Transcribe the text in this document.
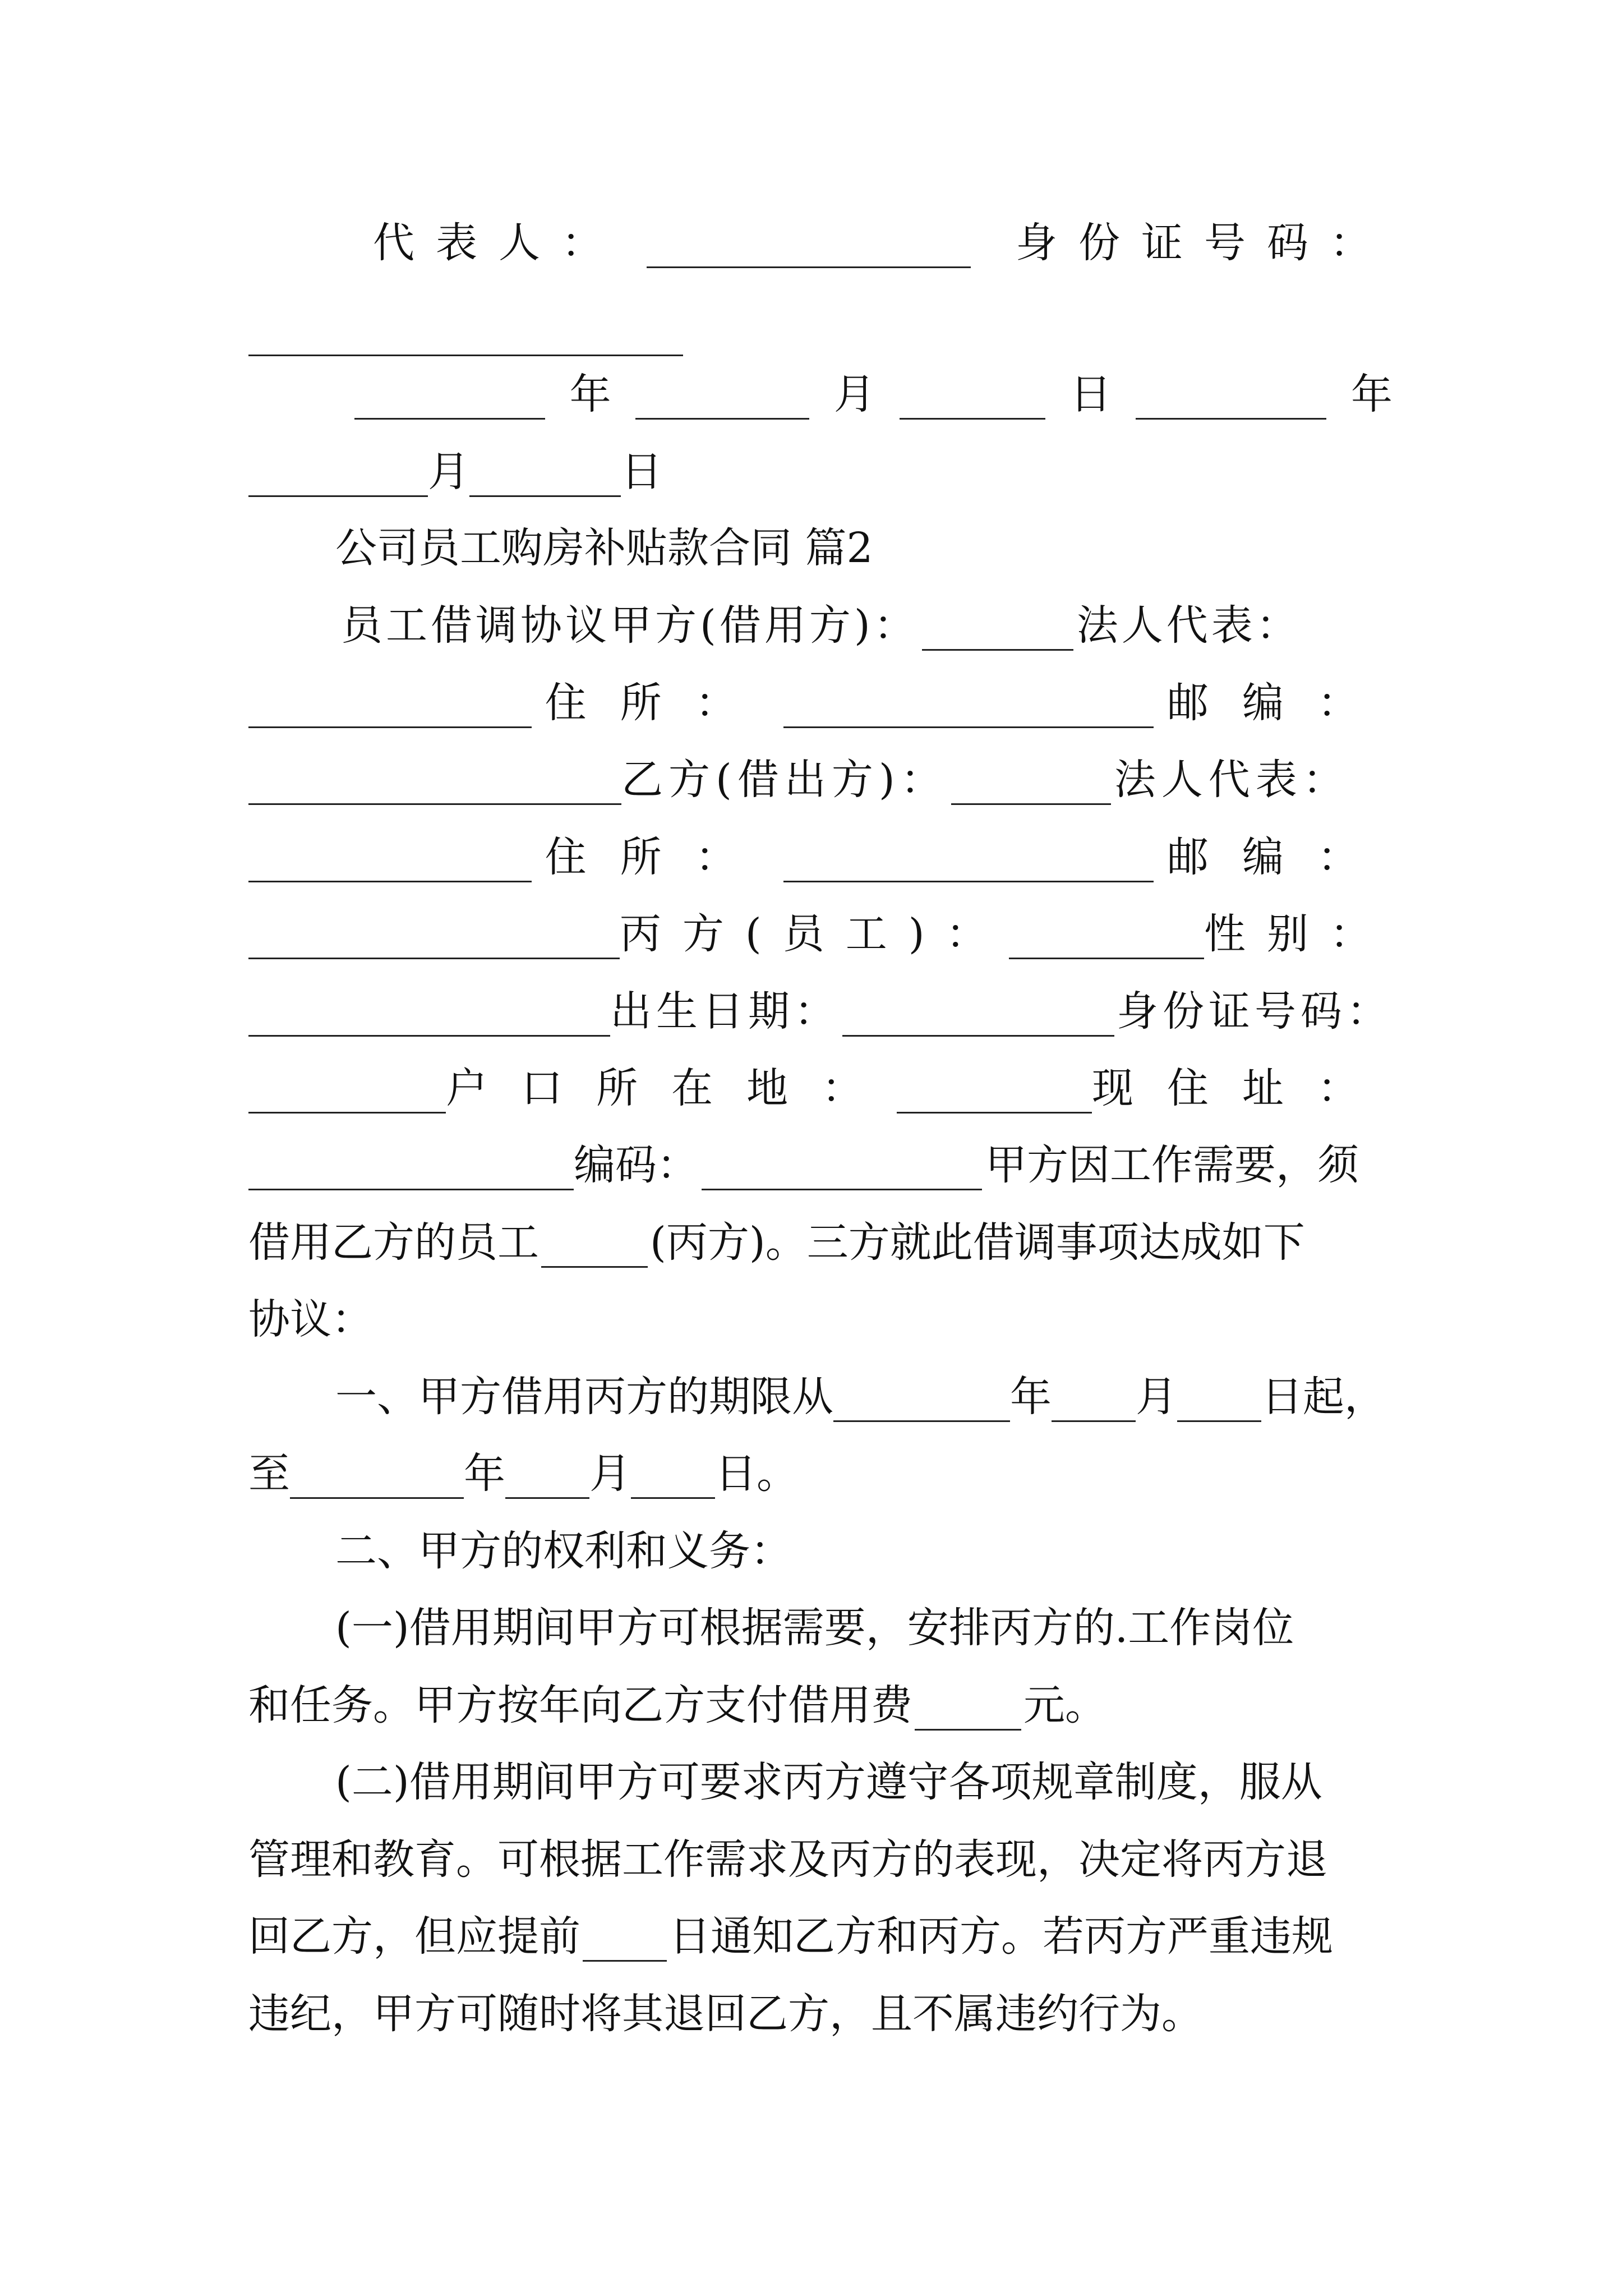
代表人：	身份证号码：
年	月	日	年
月	日
公司员工购房补贴款合同 篇2
员工借调协议甲方(借用方)：	法人代表：
住所：	邮编：
乙方(借出方)：	法人代表：
住所：	邮编：
丙方(员工)：	性别：
出生日期：	身份证号码：
户口所在地：	现住址：
编码：	甲方因工作需要，须
借用乙方的员工	(丙方)。三方就此借调事项达成如下
协议：
一、甲方借用丙方的期限从	年 月 日起，
至	年 月 日。
二、甲方的权利和义务：
(一)借用期间甲方可根据需要，安排丙方的.工作岗位
和任务。甲方按年向乙方支付借用费	元。
(二)借用期间甲方可要求丙方遵守各项规章制度，服从
管理和教育。可根据工作需求及丙方的表现，决定将丙方退
回乙方，但应提前 日通知乙方和丙方。若丙方严重违规
违纪，甲方可随时将其退回乙方，且不属违约行为。
